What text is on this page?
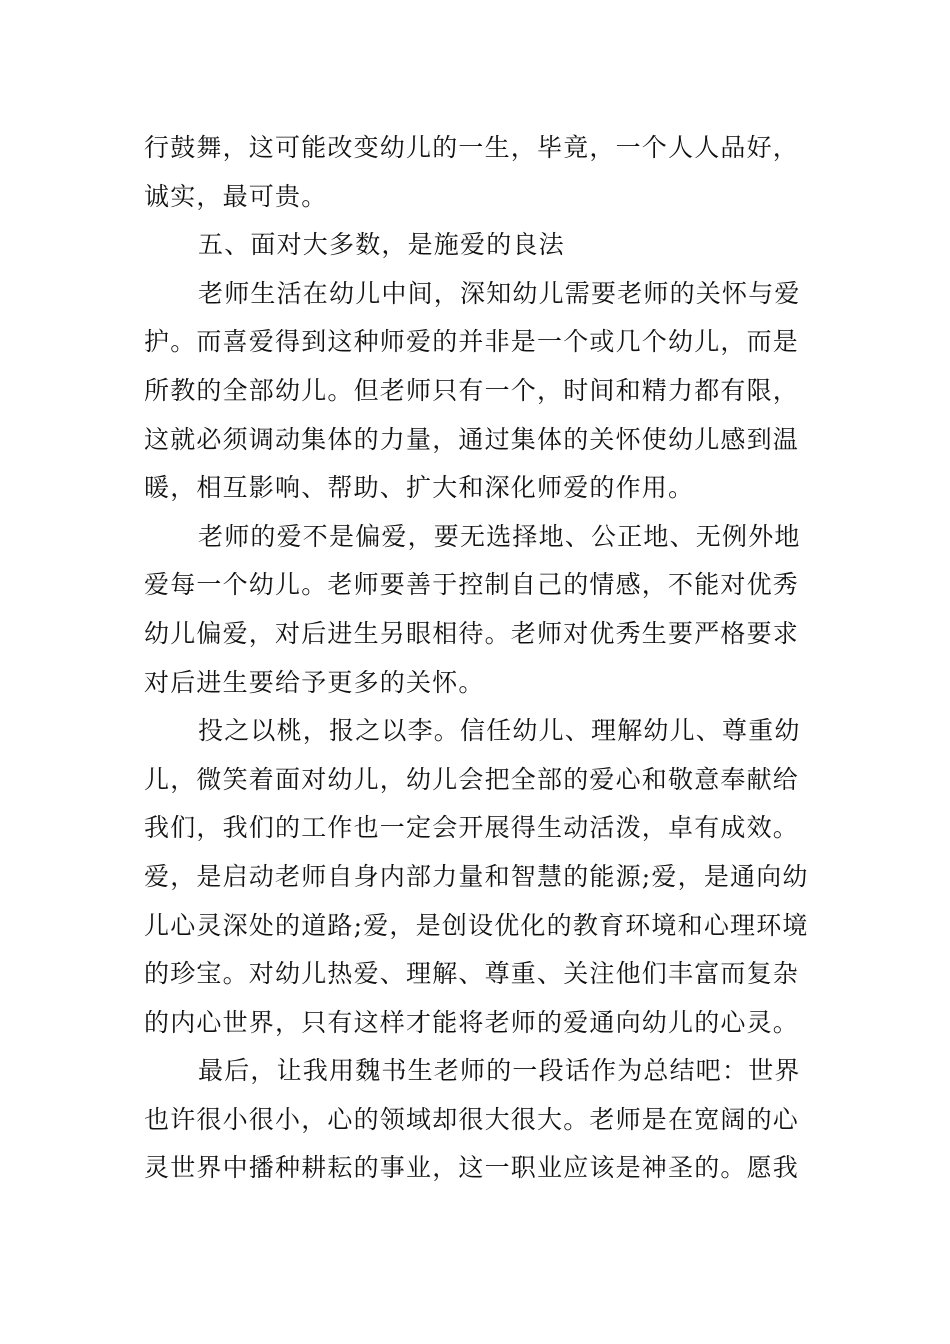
行鼓舞，这可能改变幼儿的一生，毕竟，一个人人品好，
诚实，最可贵。
五、面对大多数，是施爱的良法
老师生活在幼儿中间，深知幼儿需要老师的关怀与爱
护。而喜爱得到这种师爱的并非是一个或几个幼儿，而是
所教的全部幼儿。但老师只有一个，时间和精力都有限，
这就必须调动集体的力量，通过集体的关怀使幼儿感到温
暖，相互影响、帮助、扩大和深化师爱的作用。
老师的爱不是偏爱，要无选择地、公正地、无例外地
爱每一个幼儿。老师要善于控制自己的情感，不能对优秀
幼儿偏爱，对后进生另眼相待。老师对优秀生要严格要求
对后进生要给予更多的关怀。
投之以桃，报之以李。信任幼儿、理解幼儿、尊重幼
儿，微笑着面对幼儿，幼儿会把全部的爱心和敬意奉献给
我们，我们的工作也一定会开展得生动活泼，卓有成效。
爱，是启动老师自身内部力量和智慧的能源;爱，是通向幼
儿心灵深处的道路;爱，是创设优化的教育环境和心理环境
的珍宝。对幼儿热爱、理解、尊重、关注他们丰富而复杂
的内心世界，只有这样才能将老师的爱通向幼儿的心灵。
最后，让我用魏书生老师的一段话作为总结吧：世界
也许很小很小，心的领域却很大很大。老师是在宽阔的心
灵世界中播种耕耘的事业，这一职业应该是神圣的。愿我
